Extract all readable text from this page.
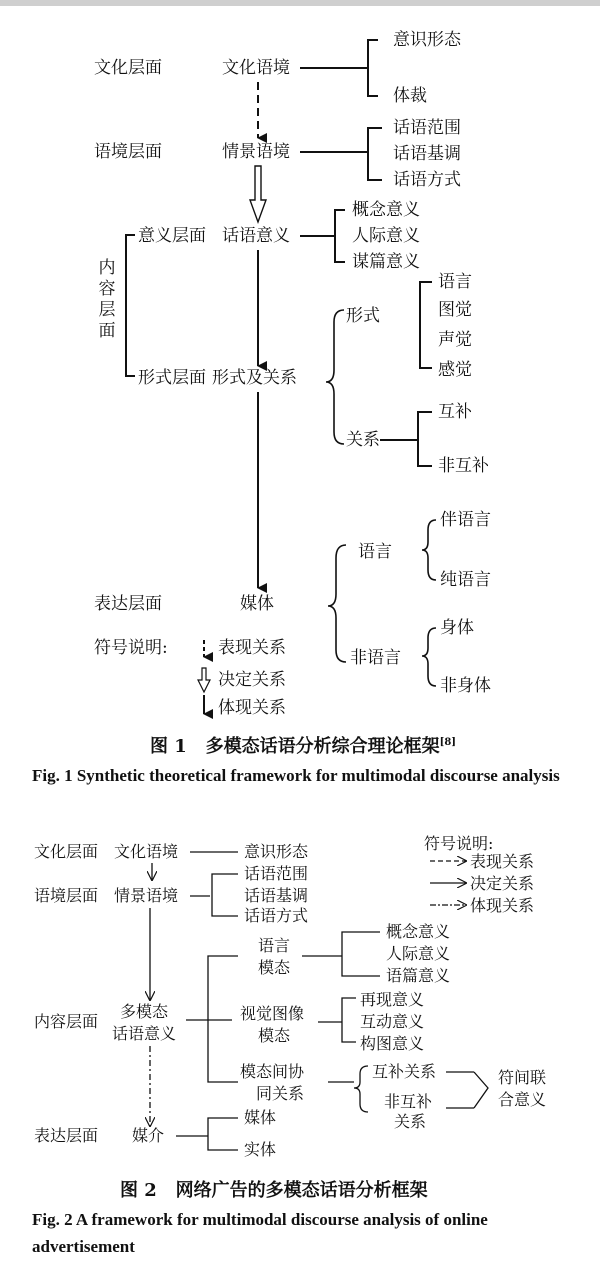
文化层面	文化语境
意识形态
体裁
语境层面	情景语境
话语范围
话语基调
话语方式
意义层面 话语意义
概念意义
人际意义
谋篇意义
内
容
层
面
形式层面 形式及关系
形式
语言
图觉
声觉
感觉
关系
互补
非互补
语言
伴语言
纯语言
非语言
身体
非身体
表达层面	媒体
符号说明:	表现关系
决定关系
体现关系
图 1 多模态话语分析综合理论框架[8]
Fig. 1 Synthetic theoretical framework for multimodal discourse analysis
文化层面 文化语境	意识形态	符号说明:
表现关系
决定关系
体现关系
语境层面 情景语境
话语范围
话语基调
话语方式
语言
模态
概念意义
人际意义
语篇意义
内容层面
多模态
话语意义
视觉图像
模态
再现意义
互动意义
构图意义
模态间协
同关系
互补关系
非互补
关系
符间联
合意义
表达层面 媒介
媒体
实体
图 2 网络广告的多模态话语分析框架
Fig. 2 A framework for multimodal discourse analysis of online advertisement
